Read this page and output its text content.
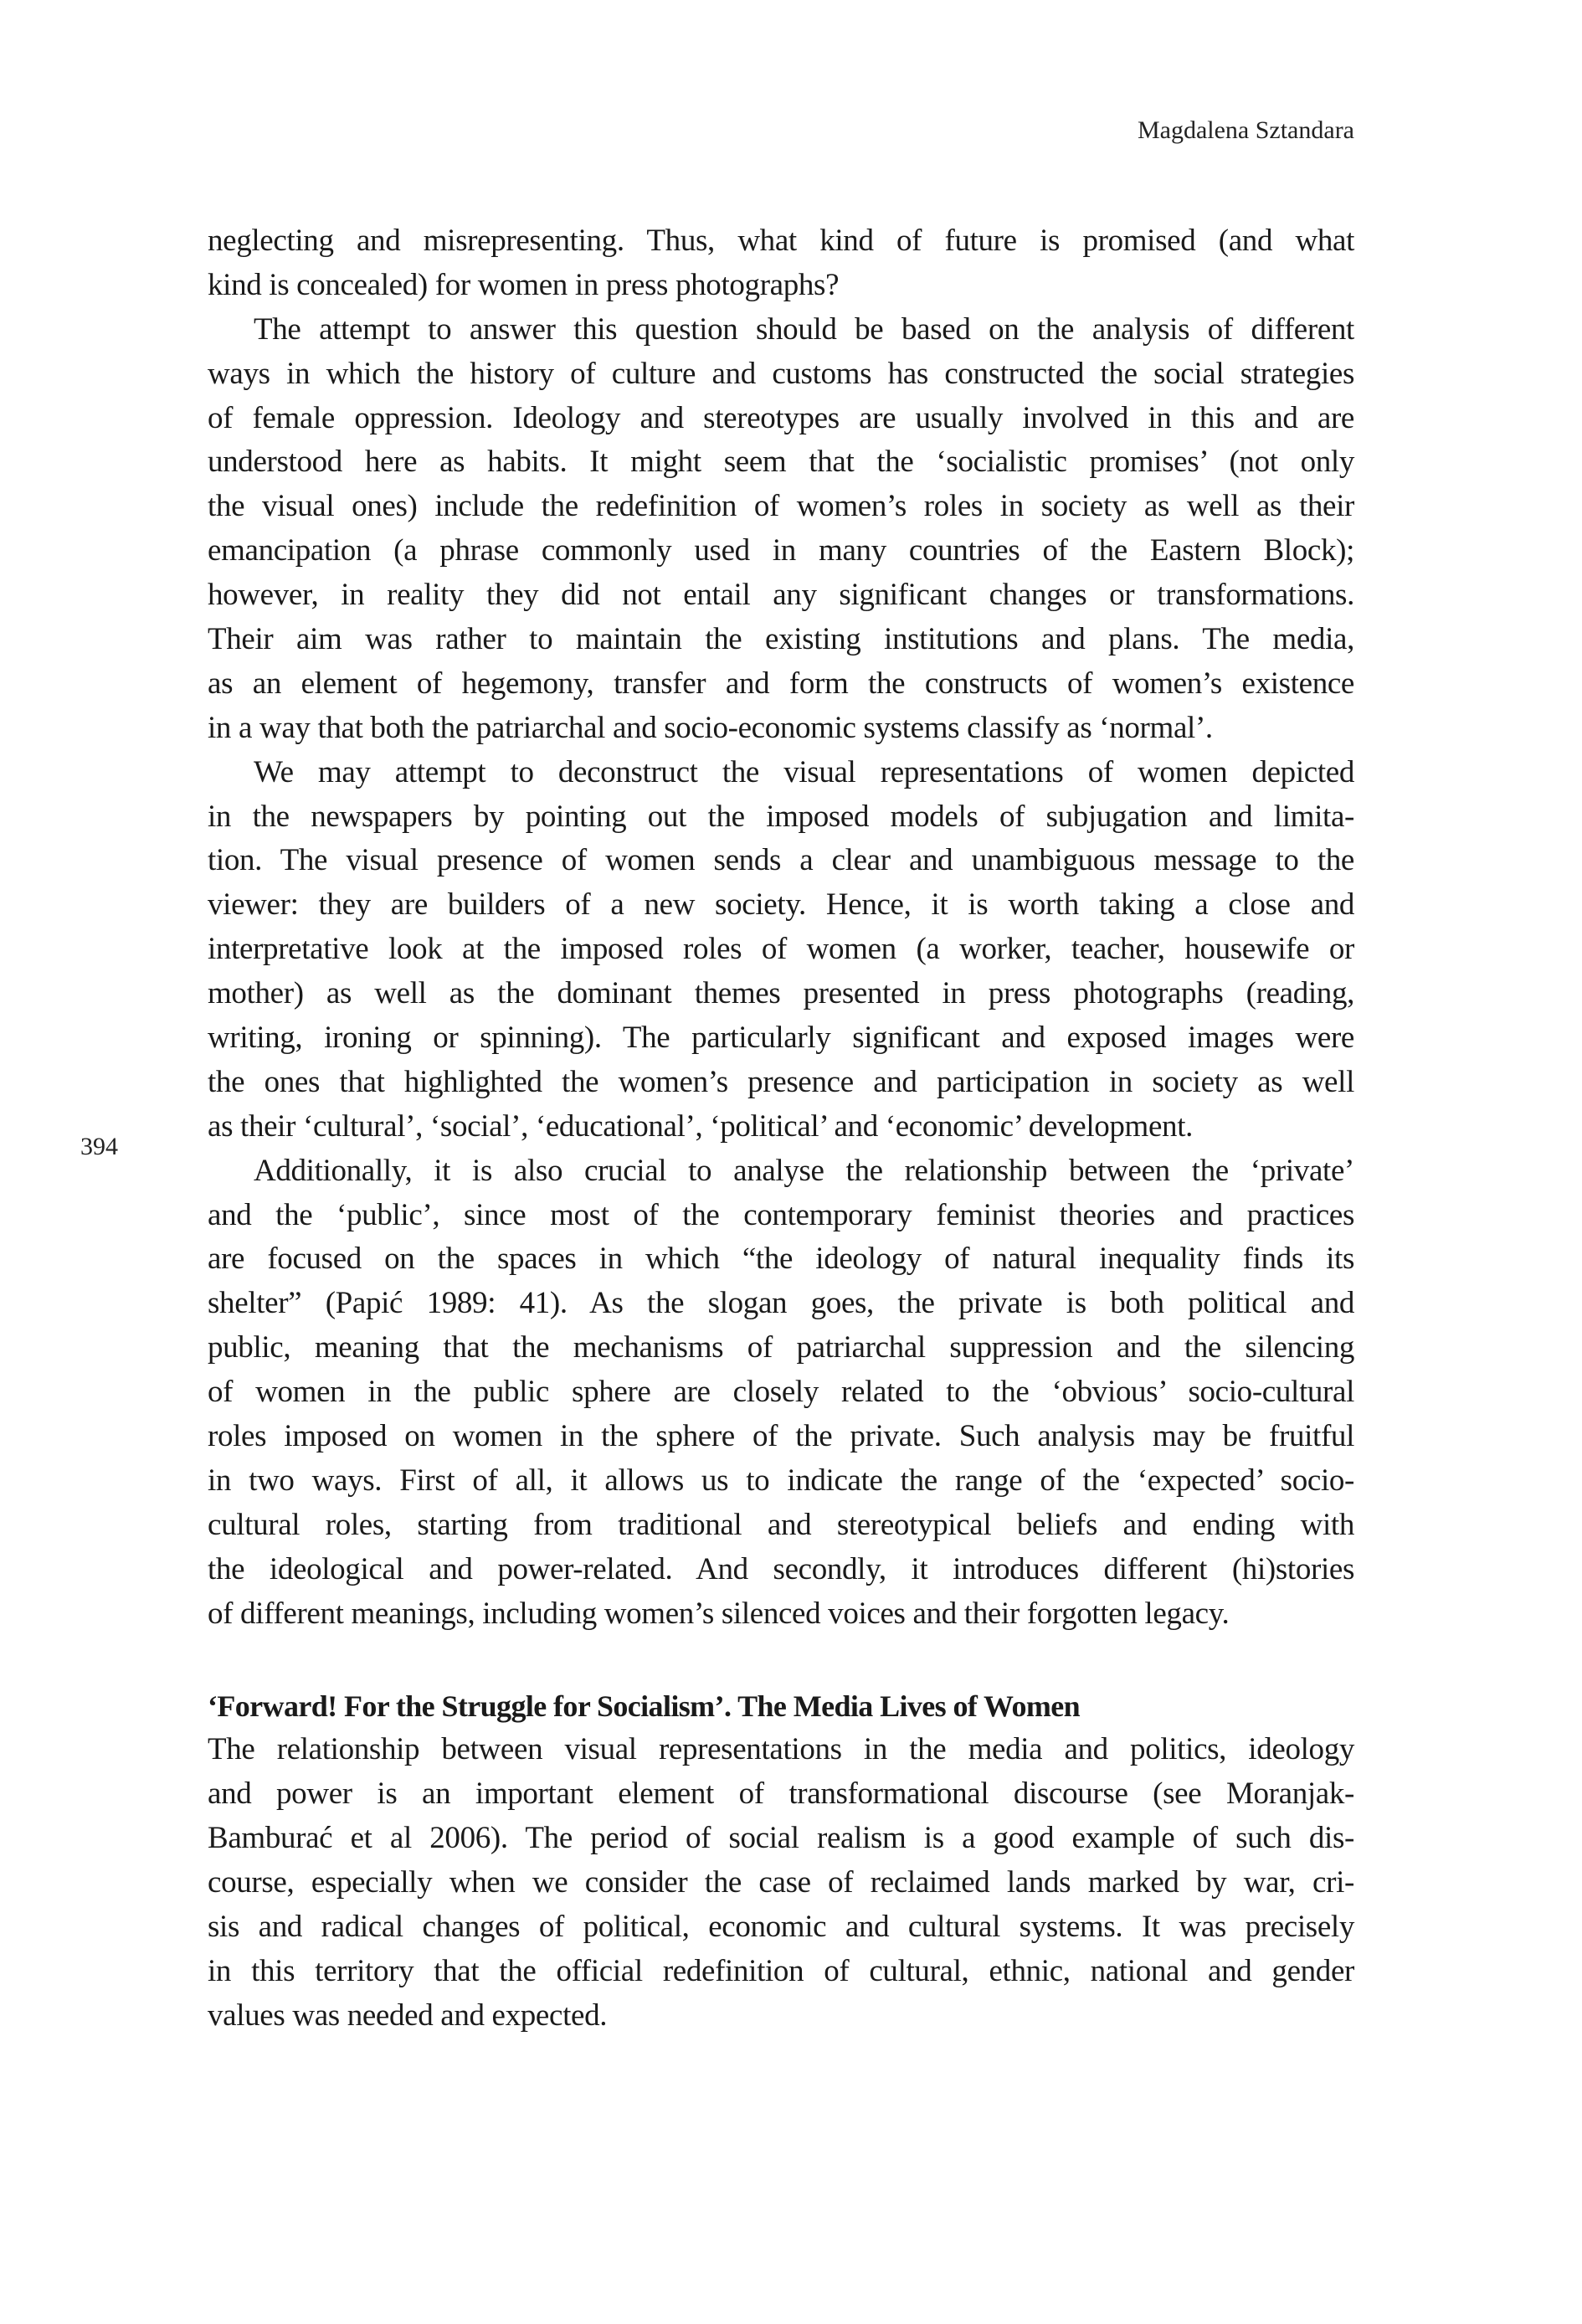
Magdalena Sztandara
394
neglecting and misrepresenting. Thus, what kind of future is promised (and what
kind is concealed) for women in press photographs?
The attempt to answer this question should be based on the analysis of different
ways in which the history of culture and customs has constructed the social strategies
of female oppression. Ideology and stereotypes are usually involved in this and are
understood here as habits. It might seem that the ‘socialistic promises’ (not only
the visual ones) include the redefinition of women’s roles in society as well as their
emancipation (a phrase commonly used in many countries of the Eastern Block);
however, in reality they did not entail any significant changes or transformations.
Their aim was rather to maintain the existing institutions and plans. The media,
as an element of hegemony, transfer and form the constructs of women’s existence
in a way that both the patriarchal and socio-economic systems classify as ‘normal’.
We may attempt to deconstruct the visual representations of women depicted
in the newspapers by pointing out the imposed models of subjugation and limita-
tion. The visual presence of women sends a clear and unambiguous message to the
viewer: they are builders of a new society. Hence, it is worth taking a close and
interpretative look at the imposed roles of women (a worker, teacher, housewife or
mother) as well as the dominant themes presented in press photographs (reading,
writing, ironing or spinning). The particularly significant and exposed images were
the ones that highlighted the women’s presence and participation in society as well
as their ‘cultural’, ‘social’, ‘educational’, ‘political’ and ‘economic’ development.
Additionally, it is also crucial to analyse the relationship between the ‘private’
and the ‘public’, since most of the contemporary feminist theories and practices
are focused on the spaces in which “the ideology of natural inequality finds its
shelter” (Papić 1989: 41). As the slogan goes, the private is both political and
public, meaning that the mechanisms of patriarchal suppression and the silencing
of women in the public sphere are closely related to the ‘obvious’ socio-cultural
roles imposed on women in the sphere of the private. Such analysis may be fruitful
in two ways. First of all, it allows us to indicate the range of the ‘expected’ socio-
cultural roles, starting from traditional and stereotypical beliefs and ending with
the ideological and power-related. And secondly, it introduces different (hi)stories
of different meanings, including women’s silenced voices and their forgotten legacy.
‘Forward! For the Struggle for Socialism’. The Media Lives of Women
The relationship between visual representations in the media and politics, ideology
and power is an important element of transformational discourse (see Moranjak-
Bamburać et al 2006). The period of social realism is a good example of such dis-
course, especially when we consider the case of reclaimed lands marked by war, cri-
sis and radical changes of political, economic and cultural systems. It was precisely
in this territory that the official redefinition of cultural, ethnic, national and gender
values was needed and expected.
